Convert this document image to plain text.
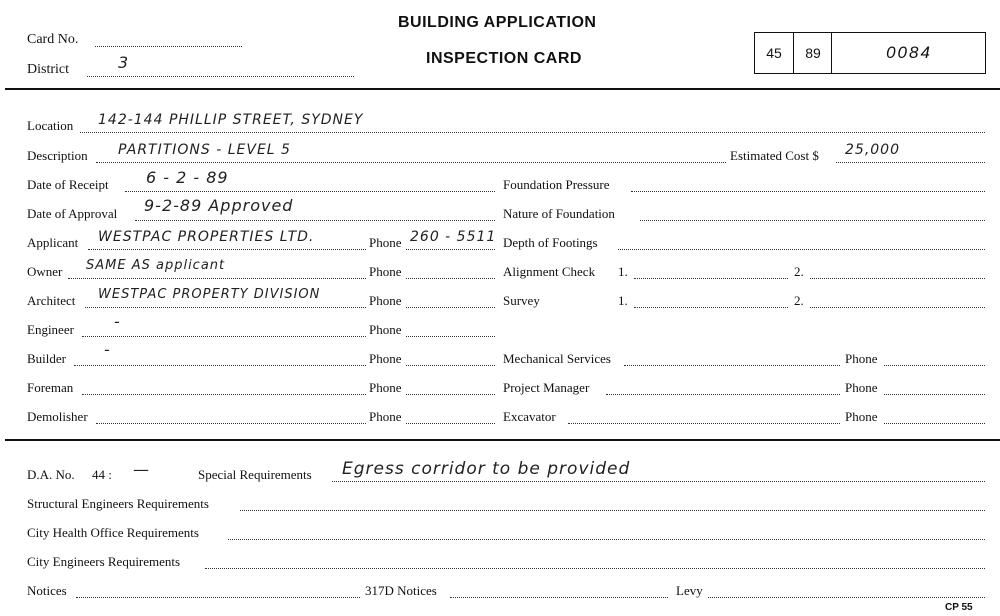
Card No.
District	3
BUILDING APPLICATION
INSPECTION CARD	45	89	0084
Location 142-144 PHILLIP STREET, SYDNEY
Description PARTITIONS - LEVEL 5	Estimated Cost $ 25,000
Date of Receipt 6 - 2 - 89
Date of Approval 9-2-89 Approved
Applicant WESTPAC PROPERTIES LTD.	Phone 260 - 5511
Owner SAME AS applicant	Phone
Architect WESTPAC PROPERTY DIVISION	Phone
Engineer	-	Phone
Builder -	Phone
Foreman	Phone
Demolisher	Phone
Foundation Pressure
Nature of Foundation
Depth of Footings
Alignment Check 1.	2.
Survey	1.	2.
Mechanical Services	Phone
Project Manager	Phone
Excavator	Phone
D.A. No. 44 : —	Special Requirements Egress corridor to be provided
Structural Engineers Requirements
City Health Office Requirements
City Engineers Requirements
Notices	317D Notices	Levy
CP 55
